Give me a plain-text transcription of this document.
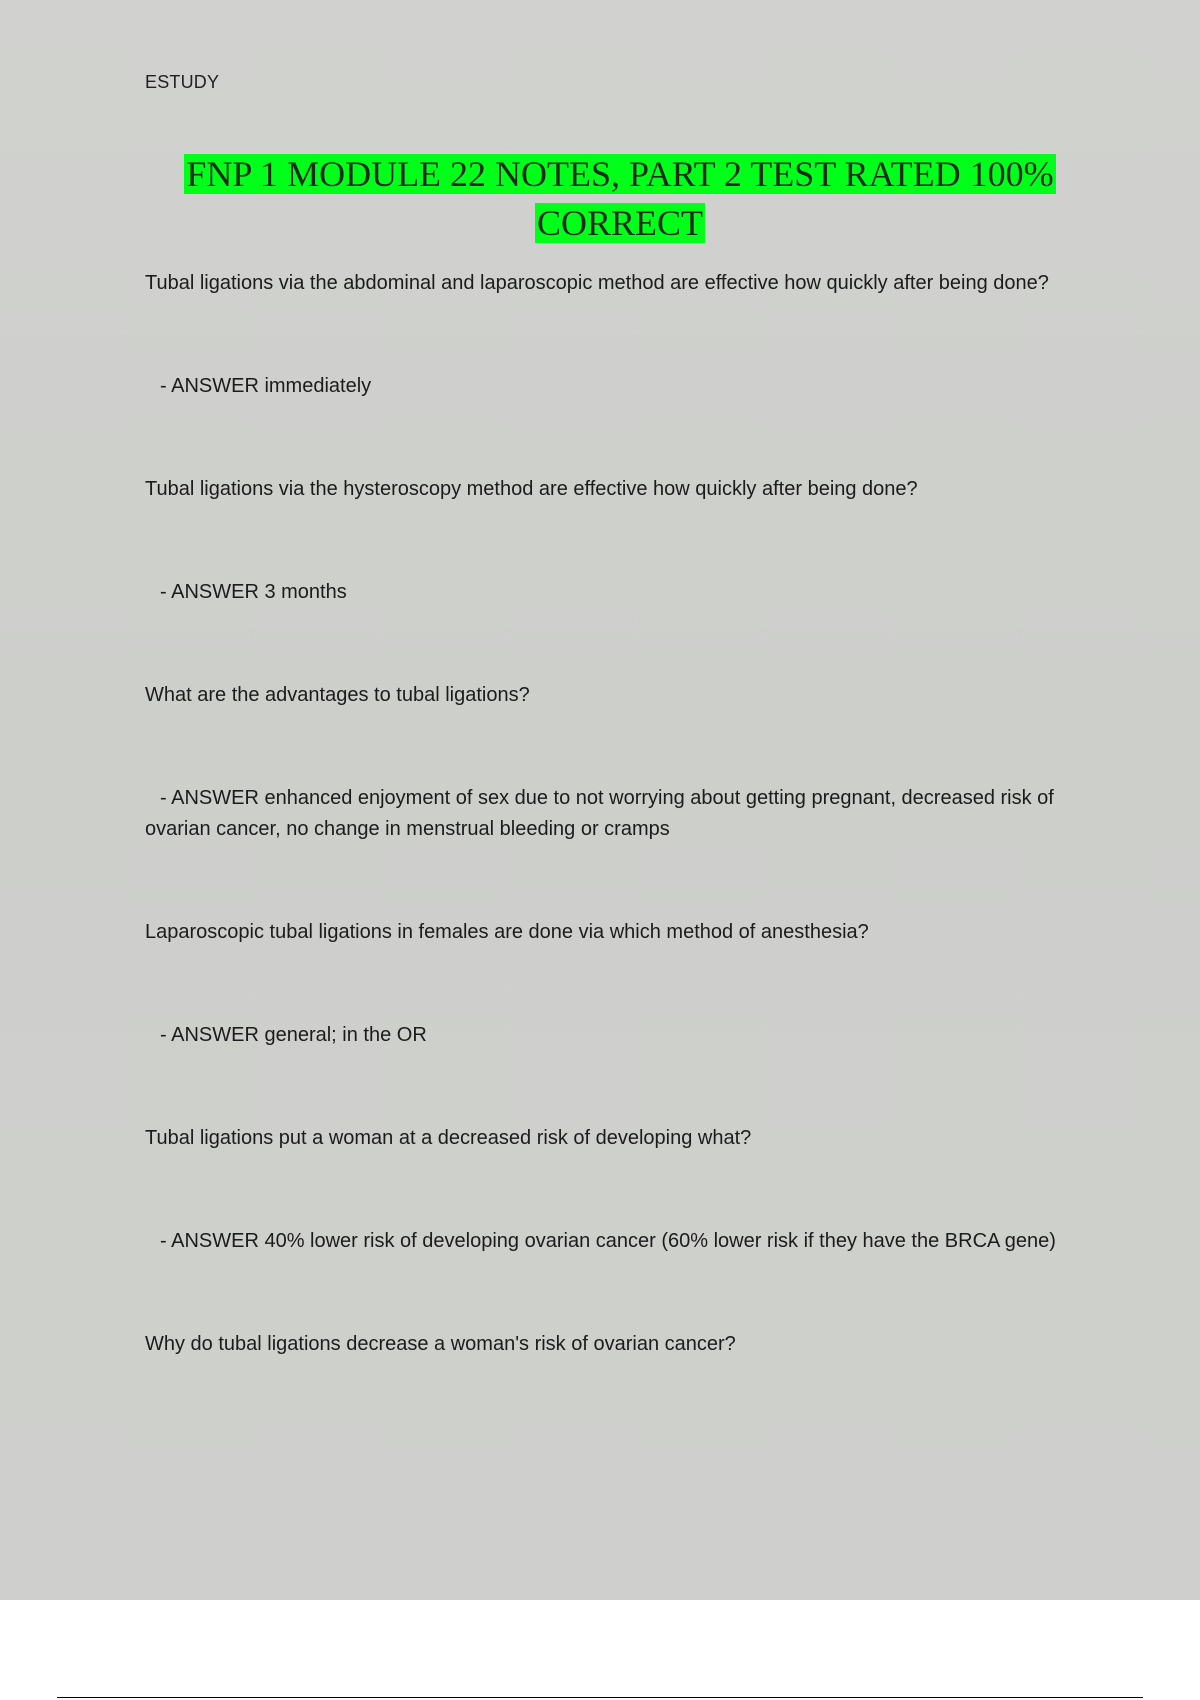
ESTUDY
FNP 1 MODULE 22 NOTES, PART 2 TEST RATED 100% CORRECT

Tubal ligations via the abdominal and laparoscopic method are effective how quickly after being done?

- ANSWER immediately

Tubal ligations via the hysteroscopy method are effective how quickly after being done?

- ANSWER 3 months

What are the advantages to tubal ligations?

- ANSWER enhanced enjoyment of sex due to not worrying about getting pregnant, decreased risk of ovarian cancer, no change in menstrual bleeding or cramps

Laparoscopic tubal ligations in females are done via which method of anesthesia?

- ANSWER general; in the OR

Tubal ligations put a woman at a decreased risk of developing what?

- ANSWER 40% lower risk of developing ovarian cancer (60% lower risk if they have the BRCA gene)

Why do tubal ligations decrease a woman's risk of ovarian cancer?
